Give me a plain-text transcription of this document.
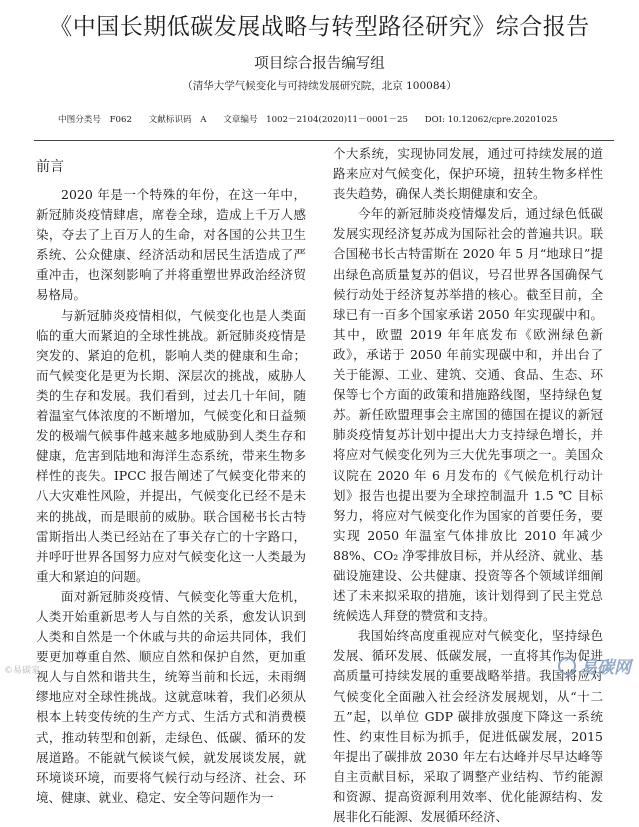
《中国长期低碳发展战略与转型路径研究》综合报告
项目综合报告编写组
（清华大学气候变化与可持续发展研究院，北京 100084）
中图分类号　F062 文献标识码　A 文章编号　1002－2104(2020)11－0001－25 DOI: 10.12062/cpre.20201025
前言

2020 年是一个特殊的年份，在这一年中，新冠肺炎疫情肆虐，席卷全球，造成上千万人感染，夺去了上百万人的生命，对各国的公共卫生系统、公众健康、经济活动和居民生活造成了严重冲击，也深刻影响了并将重塑世界政治经济贸易格局。

与新冠肺炎疫情相似，气候变化也是人类面临的重大而紧迫的全球性挑战。新冠肺炎疫情是突发的、紧迫的危机，影响人类的健康和生命；而气候变化是更为长期、深层次的挑战，威胁人类的生存和发展。我们看到，过去几十年间，随着温室气体浓度的不断增加，气候变化和日益频发的极端气候事件越来越多地威胁到人类生存和健康，危害到陆地和海洋生态系统，带来生物多样性的丧失。IPCC 报告阐述了气候变化带来的八大灾难性风险，并提出，气候变化已经不是未来的挑战，而是眼前的威胁。联合国秘书长古特雷斯指出人类已经站在了事关存亡的十字路口，并呼吁世界各国努力应对气候变化这一人类最为重大和紧迫的问题。

面对新冠肺炎疫情、气候变化等重大危机，人类开始重新思考人与自然的关系，愈发认识到人类和自然是一个休戚与共的命运共同体，我们要更加尊重自然、顺应自然和保护自然，更加重视人与自然和谐共生，统筹当前和长远，未雨绸缪地应对全球性挑战。这就意味着，我们必须从根本上转变传统的生产方式、生活方式和消费模式，推动转型和创新，走绿色、低碳、循环的发展道路。不能就气候谈气候，就发展谈发展，就环境谈环境，而要将气候行动与经济、社会、环境、健康、就业、稳定、安全等问题作为一

个大系统，实现协同发展，通过可持续发展的道路来应对气候变化，保护环境，扭转生物多样性丧失趋势，确保人类长期健康和安全。

今年的新冠肺炎疫情爆发后，通过绿色低碳发展实现经济复苏成为国际社会的普遍共识。联合国秘书长古特雷斯在 2020 年 5 月“地球日”提出绿色高质量复苏的倡议，号召世界各国确保气候行动处于经济复苏举措的核心。截至目前，全球已有一百多个国家承诺 2050 年实现碳中和。其中，欧盟 2019 年年底发布《欧洲绿色新政》，承诺于 2050 年前实现碳中和，并出台了关于能源、工业、建筑、交通、食品、生态、环保等七个方面的政策和措施路线图，坚持绿色复苏。新任欧盟理事会主席国的德国在提议的新冠肺炎疫情复苏计划中提出大力支持绿色增长，并将应对气候变化列为三大优先事项之一。美国众议院在 2020 年 6 月发布的《气候危机行动计划》报告也提出要为全球控制温升 1.5 ℃ 目标努力，将应对气候变化作为国家的首要任务，要实现 2050 年温室气体排放比 2010 年减少 88%、CO₂ 净零排放目标，并从经济、就业、基础设施建设、公共健康、投资等各个领域详细阐述了未来拟采取的措施，该计划得到了民主党总统候选人拜登的赞赏和支持。

我国始终高度重视应对气候变化，坚持绿色发展、循环发展、低碳发展，一直将其作为促进高质量可持续发展的重要战略举措。我国将应对气候变化全面融入社会经济发展规划，从“十二五”起，以单位 GDP 碳排放强度下降这一系统性、约束性目标为抓手，促进低碳发展，2015 年提出了碳排放 2030 年左右达峰并尽早达峰等自主贡献目标，采取了调整产业结构、节约能源和资源、提高资源利用效率、优化能源结构、发展非化石能源、发展循环经济、

©易碳家	易碳网
